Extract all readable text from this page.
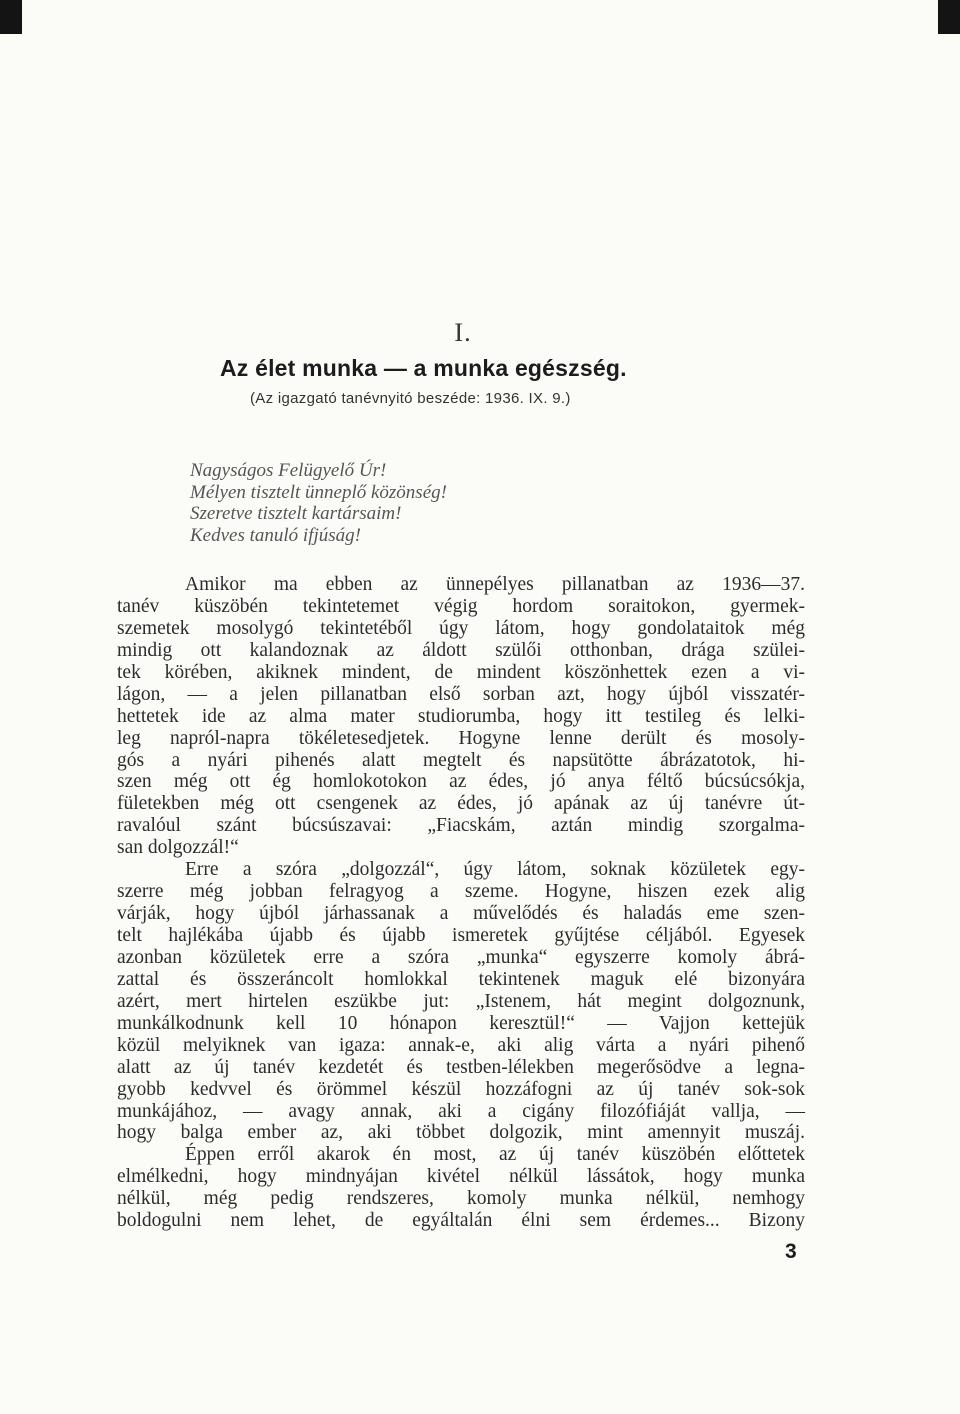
I.
Az élet munka — a munka egészség.
(Az igazgató tanévnyitó beszéde: 1936. IX. 9.)
Nagyságos Felügyelő Úr!
Mélyen tisztelt ünneplő közönség!
Szeretve tisztelt kartársaim!
Kedves tanuló ifjúság!
Amikor ma ebben az ünnepélyes pillanatban az 1936—37.
tanév küszöbén tekintetemet végig hordom soraitokon, gyermek-
szemetek mosolygó tekintetéből úgy látom, hogy gondolataitok még
mindig ott kalandoznak az áldott szülői otthonban, drága szülei-
tek körében, akiknek mindent, de mindent köszönhettek ezen a vi-
lágon, — a jelen pillanatban első sorban azt, hogy újból visszatér-
hettetek ide az alma mater studiorumba, hogy itt testileg és lelki-
leg napról-napra tökéletesedjetek. Hogyne lenne derült és mosoly-
gós a nyári pihenés alatt megtelt és napsütötte ábrázatotok, hi-
szen még ott ég homlokotokon az édes, jó anya féltő búcsúcsókja,
fületekben még ott csengenek az édes, jó apának az új tanévre út-
ravalóul szánt búcsúszavai: „Fiacskám, aztán mindig szorgalma-
san dolgozzál!“
Erre a szóra „dolgozzál“, úgy látom, soknak közületek egy-
szerre még jobban felragyog a szeme. Hogyne, hiszen ezek alig
várják, hogy újból járhassanak a művelődés és haladás eme szen-
telt hajlékába újabb és újabb ismeretek gyűjtése céljából. Egyesek
azonban közületek erre a szóra „munka“ egyszerre komoly ábrá-
zattal és összeráncolt homlokkal tekintenek maguk elé bizonyára
azért, mert hirtelen eszükbe jut: „Istenem, hát megint dolgoznunk,
munkálkodnunk kell 10 hónapon keresztül!“ — Vajjon kettejük
közül melyiknek van igaza: annak-e, aki alig várta a nyári pihenő
alatt az új tanév kezdetét és testben-lélekben megerősödve a legna-
gyobb kedvvel és örömmel készül hozzáfogni az új tanév sok-sok
munkájához, — avagy annak, aki a cigány filozófiáját vallja, —
hogy balga ember az, aki többet dolgozik, mint amennyit muszáj.
Éppen erről akarok én most, az új tanév küszöbén előttetek
elmélkedni, hogy mindnyájan kivétel nélkül lássátok, hogy munka
nélkül, még pedig rendszeres, komoly munka nélkül, nemhogy
boldogulni nem lehet, de egyáltalán élni sem érdemes... Bizony
3
